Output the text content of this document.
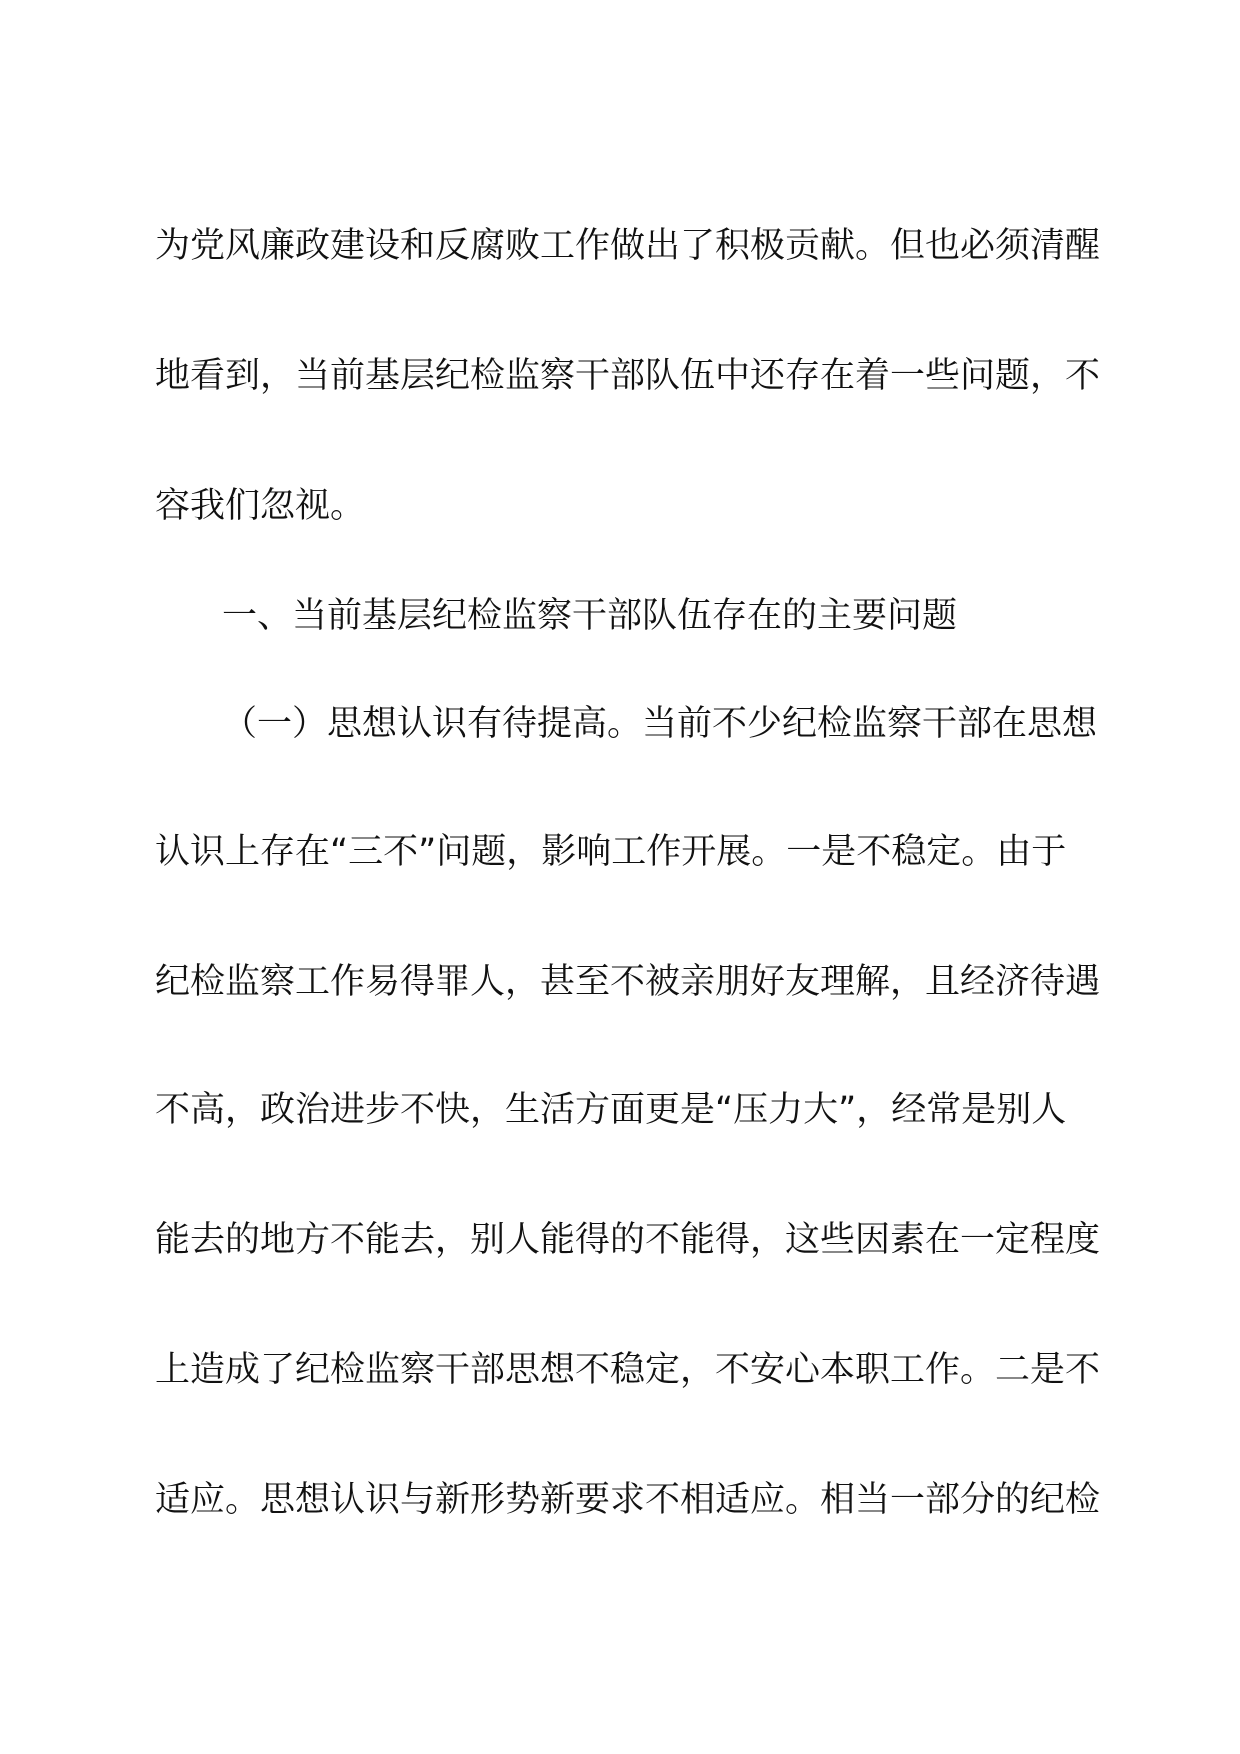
为党风廉政建设和反腐败工作做出了积极贡献。但也必须清醒
地看到，当前基层纪检监察干部队伍中还存在着一些问题，不
容我们忽视。
一、当前基层纪检监察干部队伍存在的主要问题
（一）思想认识有待提高。当前不少纪检监察干部在思想
认识上存在“三不”问题，影响工作开展。一是不稳定。由于
纪检监察工作易得罪人，甚至不被亲朋好友理解，且经济待遇
不高，政治进步不快，生活方面更是“压力大”，经常是别人
能去的地方不能去，别人能得的不能得，这些因素在一定程度
上造成了纪检监察干部思想不稳定，不安心本职工作。二是不
适应。思想认识与新形势新要求不相适应。相当一部分的纪检
